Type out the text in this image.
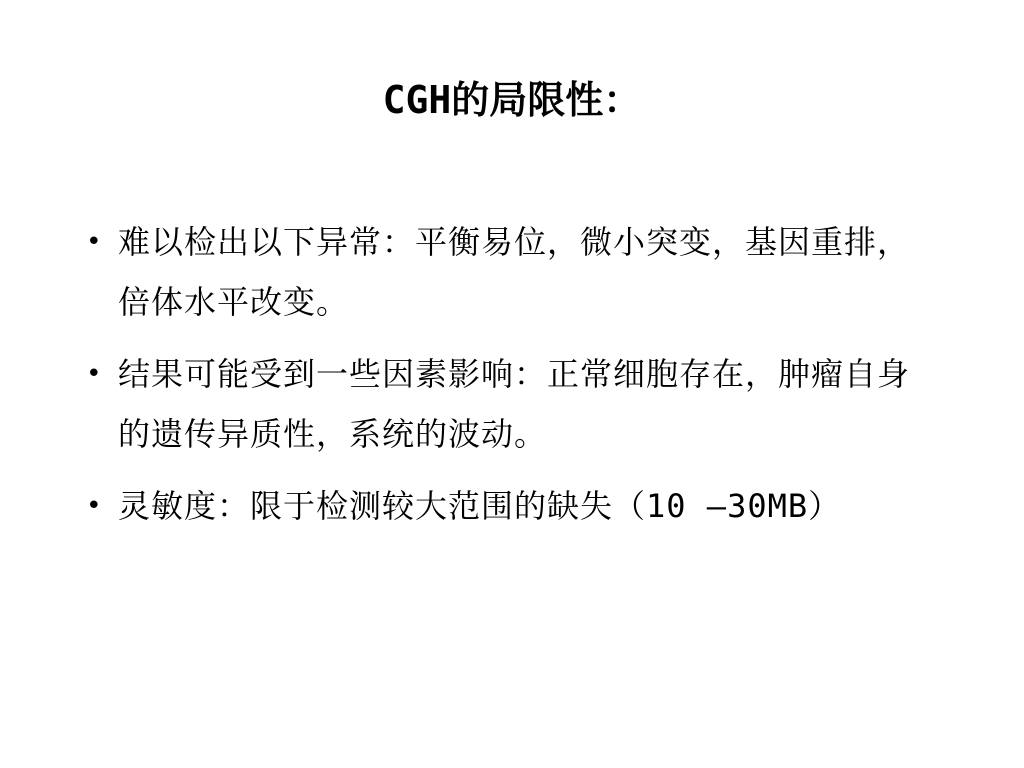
CGH的局限性：
• 难以检出以下异常：平衡易位，微小突变，基因重排，倍体水平改变。
• 结果可能受到一些因素影响：正常细胞存在，肿瘤自身的遗传异质性，系统的波动。
• 灵敏度：限于检测较大范围的缺失（10 —30MB）
